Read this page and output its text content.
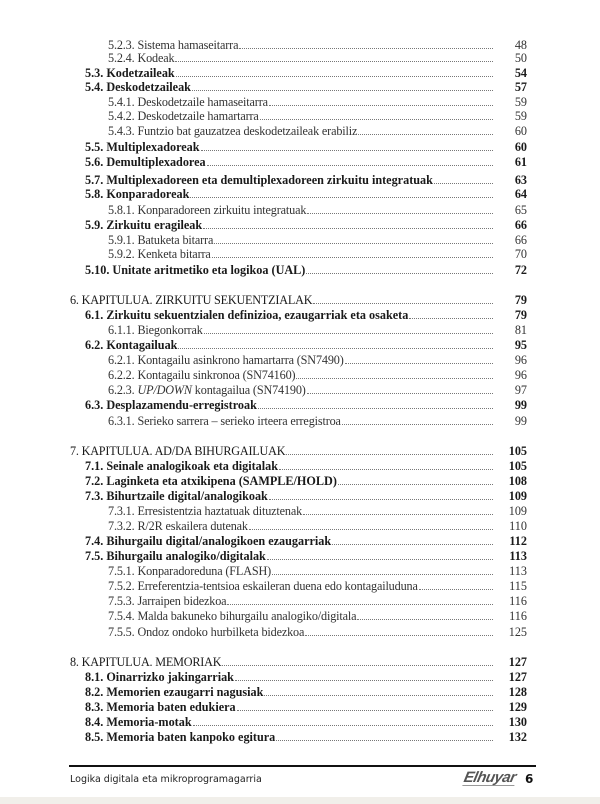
5.2.3. Sistema hamaseitarra	48
5.2.4. Kodeak	50
5.3. Kodetzaileak	54
5.4. Deskodetzaileak	57
5.4.1. Deskodetzaile hamaseitarra	59
5.4.2. Deskodetzaile hamartarra	59
5.4.3. Funtzio bat gauzatzea deskodetzaileak erabiliz	60
5.5. Multiplexadoreak	60
5.6. Demultiplexadorea	61
5.7. Multiplexadoreen eta demultiplexadoreen zirkuitu integratuak	63
5.8. Konparadoreak	64
5.8.1. Konparadoreen zirkuitu integratuak	65
5.9. Zirkuitu eragileak	66
5.9.1. Batuketa bitarra	66
5.9.2. Kenketa bitarra	70
5.10. Unitate aritmetiko eta logikoa (UAL)	72
6. KAPITULUA. ZIRKUITU SEKUENTZIALAK	79
6.1. Zirkuitu sekuentzialen definizioa, ezaugarriak eta osaketa	79
6.1.1. Biegonkorrak	81
6.2. Kontagailuak	95
6.2.1. Kontagailu asinkrono hamartarra (SN7490)	96
6.2.2. Kontagailu sinkronoa (SN74160)	96
6.2.3. UP/DOWN kontagailua (SN74190)	97
6.3. Desplazamendu-erregistroak	99
6.3.1. Serieko sarrera – serieko irteera erregistroa	99
7. KAPITULUA. AD/DA BIHURGAILUAK	105
7.1. Seinale analogikoak eta digitalak	105
7.2. Laginketa eta atxikipena (SAMPLE/HOLD)	108
7.3. Bihurtzaile digital/analogikoak	109
7.3.1. Erresistentzia haztatuak dituztenak	109
7.3.2. R/2R eskailera dutenak	110
7.4. Bihurgailu digital/analogikoen ezaugarriak	112
7.5. Bihurgailu analogiko/digitalak	113
7.5.1. Konparadoreduna (FLASH)	113
7.5.2. Erreferentzia-tentsioa eskaileran duena edo kontagailuduna	115
7.5.3. Jarraipen bidezkoa	116
7.5.4. Malda bakuneko bihurgailu analogiko/digitala	116
7.5.5. Ondoz ondoko hurbilketa bidezkoa	125
8. KAPITULUA. MEMORIAK	127
8.1. Oinarrizko jakingarriak	127
8.2. Memorien ezaugarri nagusiak	128
8.3. Memoria baten edukiera	129
8.4. Memoria-motak	130
8.5. Memoria baten kanpoko egitura	132
Logika digitala eta mikroprogramagarria	Elhuyar 6
